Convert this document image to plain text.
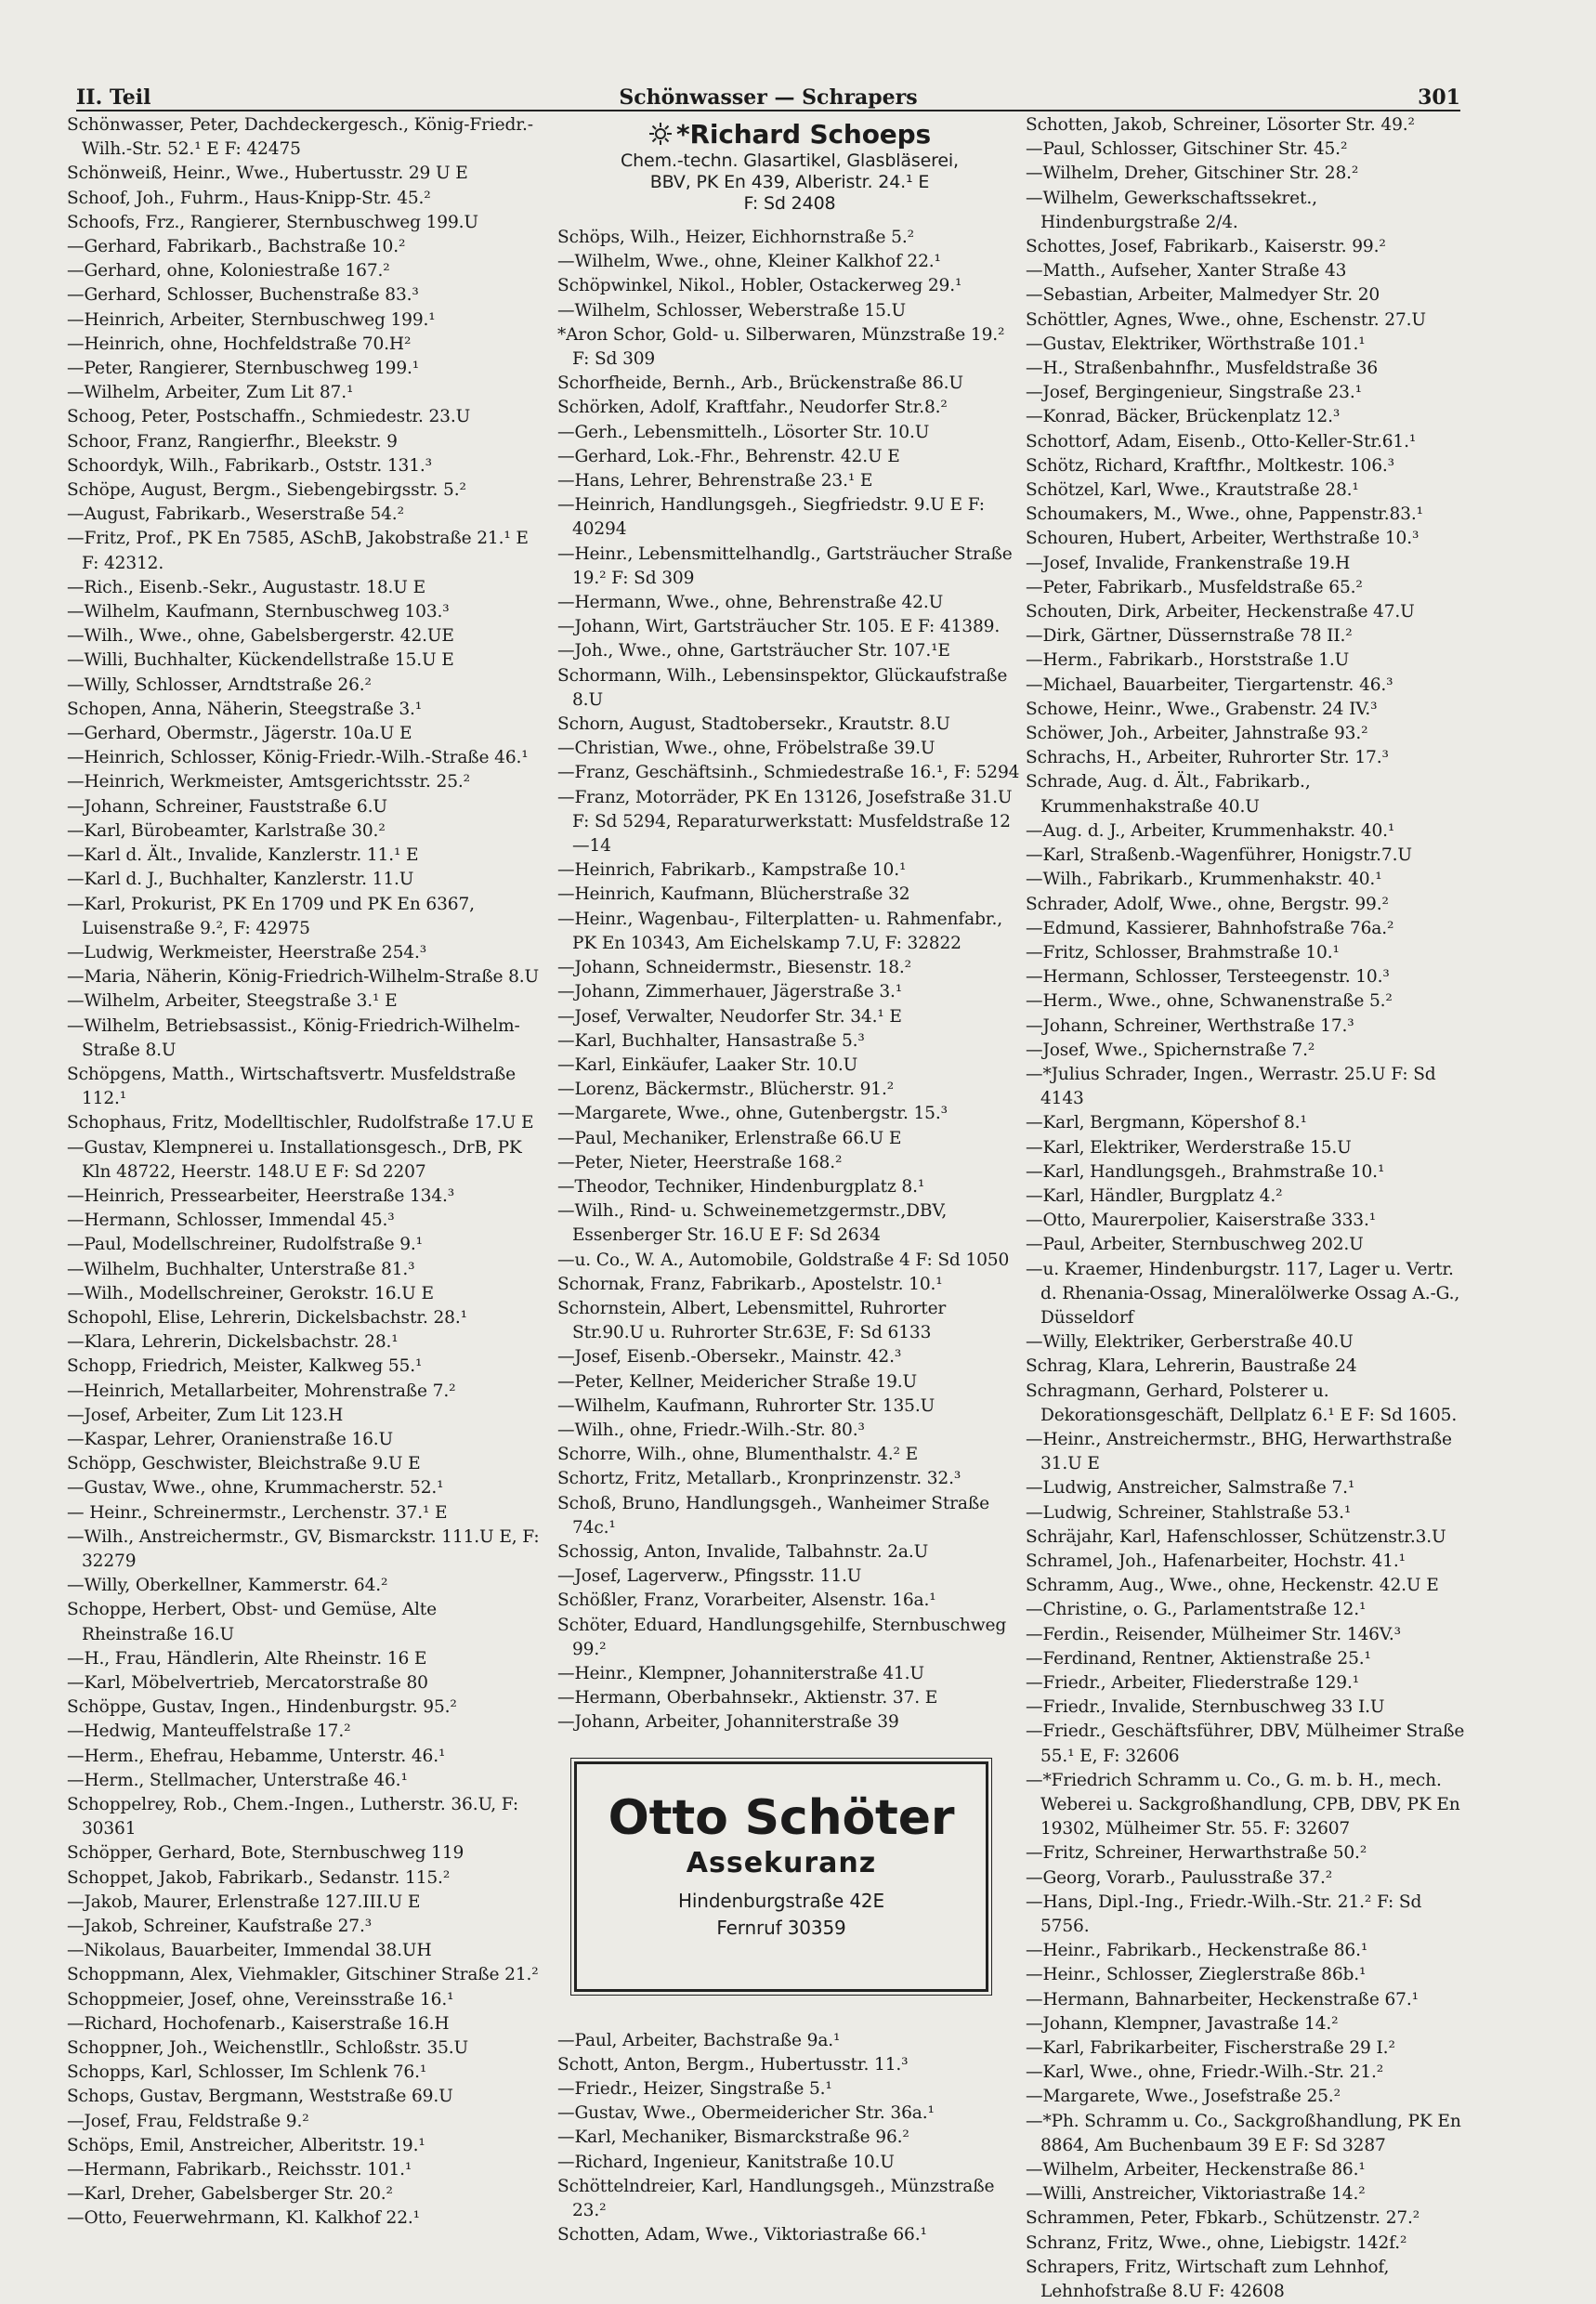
II. Teil	Schönwasser — Schrapers	301

Schönwasser, Peter, Dachdeckergesch., König-Friedr.-Wilh.-Str. 52.¹ E F: 42475

Schönweiß, Heinr., Wwe., Hubertusstr. 29 U E

Schoof, Joh., Fuhrm., Haus-Knipp-Str. 45.²

Schoofs, Frz., Rangierer, Sternbuschweg 199.U

—Gerhard, Fabrikarb., Bachstraße 10.²

—Gerhard, ohne, Koloniestraße 167.²

—Gerhard, Schlosser, Buchenstraße 83.³

—Heinrich, Arbeiter, Sternbuschweg 199.¹

—Heinrich, ohne, Hochfeldstraße 70.H²

—Peter, Rangierer, Sternbuschweg 199.¹

—Wilhelm, Arbeiter, Zum Lit 87.¹

Schoog, Peter, Postschaffn., Schmiedestr. 23.U

Schoor, Franz, Rangierfhr., Bleekstr. 9

Schoordyk, Wilh., Fabrikarb., Oststr. 131.³

Schöpe, August, Bergm., Siebengebirgsstr. 5.²

—August, Fabrikarb., Weserstraße 54.²

—Fritz, Prof., PK En 7585, ASchB, Jakobstraße 21.¹ E F: 42312.

—Rich., Eisenb.-Sekr., Augustastr. 18.U E

—Wilhelm, Kaufmann, Sternbuschweg 103.³

—Wilh., Wwe., ohne, Gabelsbergerstr. 42.UE

—Willi, Buchhalter, Kückendellstraße 15.U E

—Willy, Schlosser, Arndtstraße 26.²

Schopen, Anna, Näherin, Steegstraße 3.¹

—Gerhard, Obermstr., Jägerstr. 10a.U E

—Heinrich, Schlosser, König-Friedr.-Wilh.-Straße 46.¹

—Heinrich, Werkmeister, Amtsgerichtsstr. 25.²

—Johann, Schreiner, Fauststraße 6.U

—Karl, Bürobeamter, Karlstraße 30.²

—Karl d. Ält., Invalide, Kanzlerstr. 11.¹ E

—Karl d. J., Buchhalter, Kanzlerstr. 11.U

—Karl, Prokurist, PK En 1709 und PK En 6367, Luisenstraße 9.², F: 42975

—Ludwig, Werkmeister, Heerstraße 254.³

—Maria, Näherin, König-Friedrich-Wilhelm-Straße 8.U

—Wilhelm, Arbeiter, Steegstraße 3.¹ E

—Wilhelm, Betriebsassist., König-Friedrich-Wilhelm-Straße 8.U

Schöpgens, Matth., Wirtschaftsvertr. Musfeldstraße 112.¹

Schophaus, Fritz, Modelltischler, Rudolfstraße 17.U E

—Gustav, Klempnerei u. Installationsgesch., DrB, PK Kln 48722, Heerstr. 148.U E F: Sd 2207

—Heinrich, Pressearbeiter, Heerstraße 134.³

—Hermann, Schlosser, Immendal 45.³

—Paul, Modellschreiner, Rudolfstraße 9.¹

—Wilhelm, Buchhalter, Unterstraße 81.³

—Wilh., Modellschreiner, Gerokstr. 16.U E

Schopohl, Elise, Lehrerin, Dickelsbachstr. 28.¹

—Klara, Lehrerin, Dickelsbachstr. 28.¹

Schopp, Friedrich, Meister, Kalkweg 55.¹

—Heinrich, Metallarbeiter, Mohrenstraße 7.²

—Josef, Arbeiter, Zum Lit 123.H

—Kaspar, Lehrer, Oranienstraße 16.U

Schöpp, Geschwister, Bleichstraße 9.U E

—Gustav, Wwe., ohne, Krummacherstr. 52.¹

— Heinr., Schreinermstr., Lerchenstr. 37.¹ E

—Wilh., Anstreichermstr., GV, Bismarckstr. 111.U E, F: 32279

—Willy, Oberkellner, Kammerstr. 64.²

Schoppe, Herbert, Obst- und Gemüse, Alte Rheinstraße 16.U

—H., Frau, Händlerin, Alte Rheinstr. 16 E

—Karl, Möbelvertrieb, Mercatorstraße 80

Schöppe, Gustav, Ingen., Hindenburgstr. 95.²

—Hedwig, Manteuffelstraße 17.²

—Herm., Ehefrau, Hebamme, Unterstr. 46.¹

—Herm., Stellmacher, Unterstraße 46.¹

Schoppelrey, Rob., Chem.-Ingen., Lutherstr. 36.U, F: 30361

Schöpper, Gerhard, Bote, Sternbuschweg 119

Schoppet, Jakob, Fabrikarb., Sedanstr. 115.²

—Jakob, Maurer, Erlenstraße 127.III.U E

—Jakob, Schreiner, Kaufstraße 27.³

—Nikolaus, Bauarbeiter, Immendal 38.UH

Schoppmann, Alex, Viehmakler, Gitschiner Straße 21.²

Schoppmeier, Josef, ohne, Vereinsstraße 16.¹

—Richard, Hochofenarb., Kaiserstraße 16.H

Schoppner, Joh., Weichenstllr., Schloßstr. 35.U

Schopps, Karl, Schlosser, Im Schlenk 76.¹

Schops, Gustav, Bergmann, Weststraße 69.U

—Josef, Frau, Feldstraße 9.²

Schöps, Emil, Anstreicher, Alberitstr. 19.¹

—Hermann, Fabrikarb., Reichsstr. 101.¹

—Karl, Dreher, Gabelsberger Str. 20.²

—Otto, Feuerwehrmann, Kl. Kalkhof 22.¹

*Richard Schoeps
Chem.-techn. Glasartikel, Glasbläserei,
BBV, PK En 439, Alberistr. 24.¹ E
F: Sd 2408

Schöps, Wilh., Heizer, Eichhornstraße 5.²

—Wilhelm, Wwe., ohne, Kleiner Kalkhof 22.¹

Schöpwinkel, Nikol., Hobler, Ostackerweg 29.¹

—Wilhelm, Schlosser, Weberstraße 15.U

*Aron Schor, Gold- u. Silberwaren, Münzstraße 19.² F: Sd 309

Schorfheide, Bernh., Arb., Brückenstraße 86.U

Schörken, Adolf, Kraftfahr., Neudorfer Str.8.²

—Gerh., Lebensmittelh., Lösorter Str. 10.U

—Gerhard, Lok.-Fhr., Behrenstr. 42.U E

—Hans, Lehrer, Behrenstraße 23.¹ E

—Heinrich, Handlungsgeh., Siegfriedstr. 9.U E F: 40294

—Heinr., Lebensmittelhandlg., Gartsträucher Straße 19.² F: Sd 309

—Hermann, Wwe., ohne, Behrenstraße 42.U

—Johann, Wirt, Gartsträucher Str. 105. E F: 41389.

—Joh., Wwe., ohne, Gartsträucher Str. 107.¹E

Schormann, Wilh., Lebensinspektor, Glückaufstraße 8.U

Schorn, August, Stadtobersekr., Krautstr. 8.U

—Christian, Wwe., ohne, Fröbelstraße 39.U

—Franz, Geschäftsinh., Schmiedestraße 16.¹, F: 5294

—Franz, Motorräder, PK En 13126, Josefstraße 31.U F: Sd 5294, Reparaturwerkstatt: Musfeldstraße 12—14

—Heinrich, Fabrikarb., Kampstraße 10.¹

—Heinrich, Kaufmann, Blücherstraße 32

—Heinr., Wagenbau-, Filterplatten- u. Rahmenfabr., PK En 10343, Am Eichelskamp 7.U, F: 32822

—Johann, Schneidermstr., Biesenstr. 18.²

—Johann, Zimmerhauer, Jägerstraße 3.¹

—Josef, Verwalter, Neudorfer Str. 34.¹ E

—Karl, Buchhalter, Hansastraße 5.³

—Karl, Einkäufer, Laaker Str. 10.U

—Lorenz, Bäckermstr., Blücherstr. 91.²

—Margarete, Wwe., ohne, Gutenbergstr. 15.³

—Paul, Mechaniker, Erlenstraße 66.U E

—Peter, Nieter, Heerstraße 168.²

—Theodor, Techniker, Hindenburgplatz 8.¹

—Wilh., Rind- u. Schweinemetzgermstr.,DBV, Essenberger Str. 16.U E F: Sd 2634

—u. Co., W. A., Automobile, Goldstraße 4 F: Sd 1050

Schornak, Franz, Fabrikarb., Apostelstr. 10.¹

Schornstein, Albert, Lebensmittel, Ruhrorter Str.90.U u. Ruhrorter Str.63E, F: Sd 6133

—Josef, Eisenb.-Obersekr., Mainstr. 42.³

—Peter, Kellner, Meidericher Straße 19.U

—Wilhelm, Kaufmann, Ruhrorter Str. 135.U

—Wilh., ohne, Friedr.-Wilh.-Str. 80.³

Schorre, Wilh., ohne, Blumenthalstr. 4.² E

Schortz, Fritz, Metallarb., Kronprinzenstr. 32.³

Schoß, Bruno, Handlungsgeh., Wanheimer Straße 74c.¹

Schossig, Anton, Invalide, Talbahnstr. 2a.U

—Josef, Lagerverw., Pfingsstr. 11.U

Schößler, Franz, Vorarbeiter, Alsenstr. 16a.¹

Schöter, Eduard, Handlungsgehilfe, Sternbuschweg 99.²

—Heinr., Klempner, Johanniterstraße 41.U

—Hermann, Oberbahnsekr., Aktienstr. 37. E

—Johann, Arbeiter, Johanniterstraße 39

Otto Schöter
Assekuranz
Hindenburgstraße 42E
Fernruf 30359

—Paul, Arbeiter, Bachstraße 9a.¹

Schott, Anton, Bergm., Hubertusstr. 11.³

—Friedr., Heizer, Singstraße 5.¹

—Gustav, Wwe., Obermeidericher Str. 36a.¹

—Karl, Mechaniker, Bismarckstraße 96.²

—Richard, Ingenieur, Kanitstraße 10.U

Schöttelndreier, Karl, Handlungsgeh., Münzstraße 23.²

Schotten, Adam, Wwe., Viktoriastraße 66.¹

Schotten, Jakob, Schreiner, Lösorter Str. 49.²

—Paul, Schlosser, Gitschiner Str. 45.²

—Wilhelm, Dreher, Gitschiner Str. 28.²

—Wilhelm, Gewerkschaftssekret., Hindenburgstraße 2/4.

Schottes, Josef, Fabrikarb., Kaiserstr. 99.²

—Matth., Aufseher, Xanter Straße 43

—Sebastian, Arbeiter, Malmedyer Str. 20

Schöttler, Agnes, Wwe., ohne, Eschenstr. 27.U

—Gustav, Elektriker, Wörthstraße 101.¹

—H., Straßenbahnfhr., Musfeldstraße 36

—Josef, Bergingenieur, Singstraße 23.¹

—Konrad, Bäcker, Brückenplatz 12.³

Schottorf, Adam, Eisenb., Otto-Keller-Str.61.¹

Schötz, Richard, Kraftfhr., Moltkestr. 106.³

Schötzel, Karl, Wwe., Krautstraße 28.¹

Schoumakers, M., Wwe., ohne, Pappenstr.83.¹

Schouren, Hubert, Arbeiter, Werthstraße 10.³

—Josef, Invalide, Frankenstraße 19.H

—Peter, Fabrikarb., Musfeldstraße 65.²

Schouten, Dirk, Arbeiter, Heckenstraße 47.U

—Dirk, Gärtner, Düssernstraße 78 II.²

—Herm., Fabrikarb., Horststraße 1.U

—Michael, Bauarbeiter, Tiergartenstr. 46.³

Schowe, Heinr., Wwe., Grabenstr. 24 IV.³

Schöwer, Joh., Arbeiter, Jahnstraße 93.²

Schrachs, H., Arbeiter, Ruhrorter Str. 17.³

Schrade, Aug. d. Ält., Fabrikarb., Krummenhakstraße 40.U

—Aug. d. J., Arbeiter, Krummenhakstr. 40.¹

—Karl, Straßenb.-Wagenführer, Honigstr.7.U

—Wilh., Fabrikarb., Krummenhakstr. 40.¹

Schrader, Adolf, Wwe., ohne, Bergstr. 99.²

—Edmund, Kassierer, Bahnhofstraße 76a.²

—Fritz, Schlosser, Brahmstraße 10.¹

—Hermann, Schlosser, Tersteegenstr. 10.³

—Herm., Wwe., ohne, Schwanenstraße 5.²

—Johann, Schreiner, Werthstraße 17.³

—Josef, Wwe., Spichernstraße 7.²

—*Julius Schrader, Ingen., Werrastr. 25.U F: Sd 4143

—Karl, Bergmann, Köpershof 8.¹

—Karl, Elektriker, Werderstraße 15.U

—Karl, Handlungsgeh., Brahmstraße 10.¹

—Karl, Händler, Burgplatz 4.²

—Otto, Maurerpolier, Kaiserstraße 333.¹

—Paul, Arbeiter, Sternbuschweg 202.U

—u. Kraemer, Hindenburgstr. 117, Lager u. Vertr. d. Rhenania-Ossag, Mineralölwerke Ossag A.-G., Düsseldorf

—Willy, Elektriker, Gerberstraße 40.U

Schrag, Klara, Lehrerin, Baustraße 24

Schragmann, Gerhard, Polsterer u. Dekorationsgeschäft, Dellplatz 6.¹ E F: Sd 1605.

—Heinr., Anstreichermstr., BHG, Herwarthstraße 31.U E

—Ludwig, Anstreicher, Salmstraße 7.¹

—Ludwig, Schreiner, Stahlstraße 53.¹

Schräjahr, Karl, Hafenschlosser, Schützenstr.3.U

Schramel, Joh., Hafenarbeiter, Hochstr. 41.¹

Schramm, Aug., Wwe., ohne, Heckenstr. 42.U E

—Christine, o. G., Parlamentstraße 12.¹

—Ferdin., Reisender, Mülheimer Str. 146V.³

—Ferdinand, Rentner, Aktienstraße 25.¹

—Friedr., Arbeiter, Fliederstraße 129.¹

—Friedr., Invalide, Sternbuschweg 33 I.U

—Friedr., Geschäftsführer, DBV, Mülheimer Straße 55.¹ E, F: 32606

—*Friedrich Schramm u. Co., G. m. b. H., mech. Weberei u. Sackgroßhandlung, CPB, DBV, PK En 19302, Mülheimer Str. 55. F: 32607

—Fritz, Schreiner, Herwarthstraße 50.²

—Georg, Vorarb., Paulusstraße 37.²

—Hans, Dipl.-Ing., Friedr.-Wilh.-Str. 21.² F: Sd 5756.

—Heinr., Fabrikarb., Heckenstraße 86.¹

—Heinr., Schlosser, Zieglerstraße 86b.¹

—Hermann, Bahnarbeiter, Heckenstraße 67.¹

—Johann, Klempner, Javastraße 14.²

—Karl, Fabrikarbeiter, Fischerstraße 29 I.²

—Karl, Wwe., ohne, Friedr.-Wilh.-Str. 21.²

—Margarete, Wwe., Josefstraße 25.²

—*Ph. Schramm u. Co., Sackgroßhandlung, PK En 8864, Am Buchenbaum 39 E F: Sd 3287

—Wilhelm, Arbeiter, Heckenstraße 86.¹

—Willi, Anstreicher, Viktoriastraße 14.²

Schrammen, Peter, Fbkarb., Schützenstr. 27.²

Schranz, Fritz, Wwe., ohne, Liebigstr. 142f.²

Schrapers, Fritz, Wirtschaft zum Lehnhof, Lehnhofstraße 8.U F: 42608
